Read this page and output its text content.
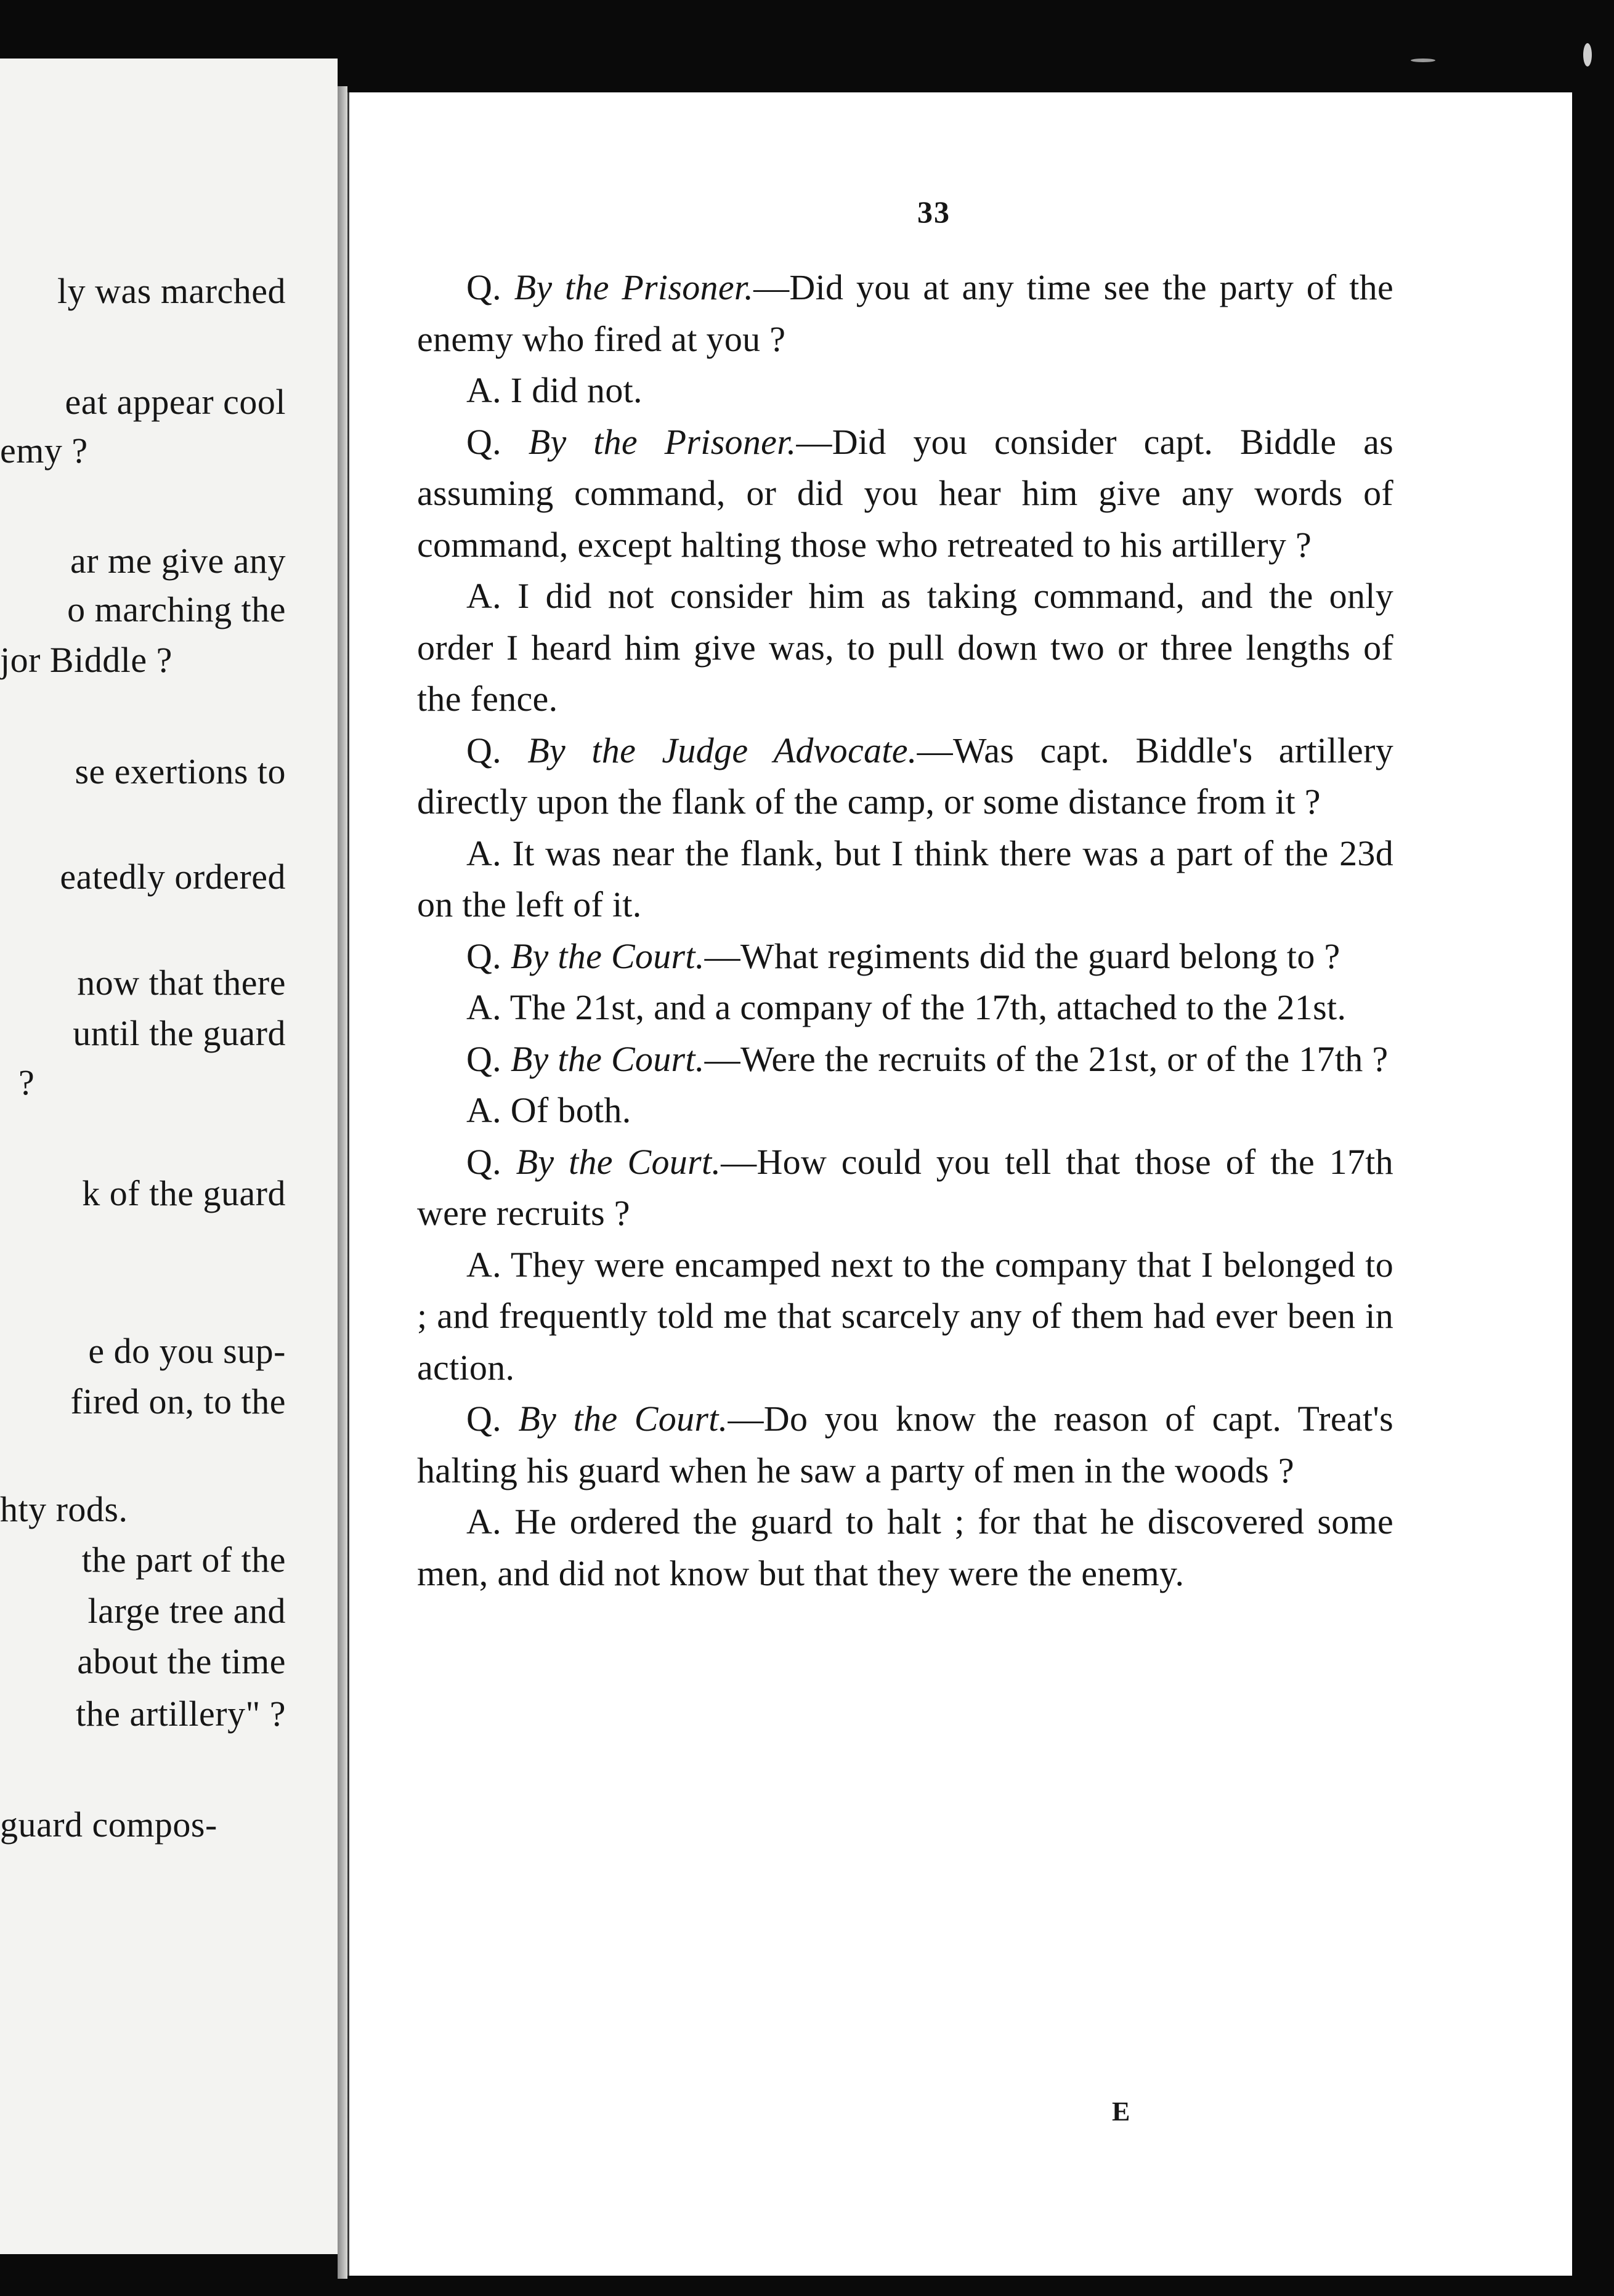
ly was marched
eat appear cool
emy ?
ar me give any
o marching the
jor Biddle ?
se exertions to
eatedly ordered
now that there
until the guard
?
k of the guard
e do you sup-
fired on, to the
hty rods.
the part of the
large tree and
about the time
the artillery" ?
guard compos-
33

Q. By the Prisoner.—Did you at any time see the party of the enemy who fired at you ?

A. I did not.

Q. By the Prisoner.—Did you consider capt. Biddle as assuming command, or did you hear him give any words of command, except halting those who retreated to his artillery ?

A. I did not consider him as taking command, and the only order I heard him give was, to pull down two or three lengths of the fence.

Q. By the Judge Advocate.—Was capt. Biddle's artillery directly upon the flank of the camp, or some distance from it ?

A. It was near the flank, but I think there was a part of the 23d on the left of it.

Q. By the Court.—What regiments did the guard belong to ?

A. The 21st, and a company of the 17th, attached to the 21st.

Q. By the Court.—Were the recruits of the 21st, or of the 17th ?

A. Of both.

Q. By the Court.—How could you tell that those of the 17th were recruits ?

A. They were encamped next to the company that I belonged to ; and frequently told me that scarcely any of them had ever been in action.

Q. By the Court.—Do you know the reason of capt. Treat's halting his guard when he saw a party of men in the woods ?

A. He ordered the guard to halt ; for that he discovered some men, and did not know but that they were the enemy.

E
